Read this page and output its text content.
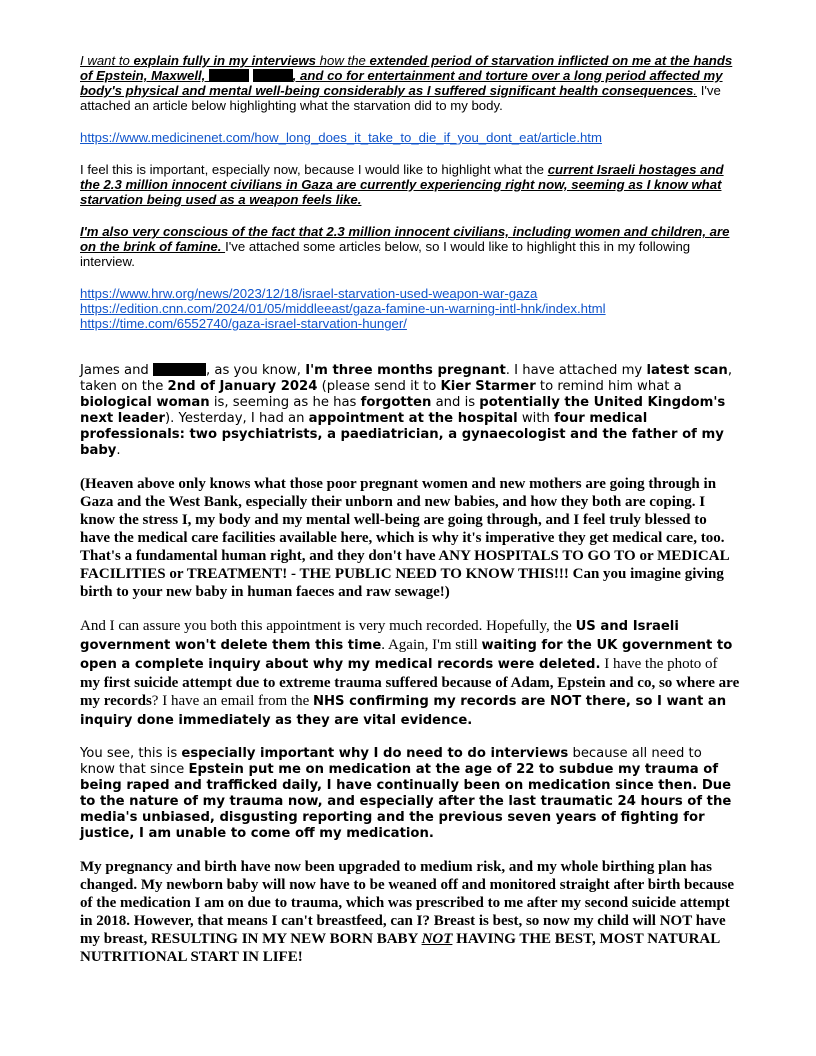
I want to explain fully in my interviews how the extended period of starvation inflicted on me at the hands of Epstein, Maxwell,	, and co for entertainment and torture over a long period affected my body's physical and mental well-being considerably as I suffered significant health consequences. I've attached an article below highlighting what the starvation did to my body.

https://www.medicinenet.com/how_long_does_it_take_to_die_if_you_dont_eat/article.htm

I feel this is important, especially now, because I would like to highlight what the current Israeli hostages and the 2.3 million innocent civilians in Gaza are currently experiencing right now, seeming as I know what starvation being used as a weapon feels like.

I'm also very conscious of the fact that 2.3 million innocent civilians, including women and children, are on the brink of famine. I've attached some articles below, so I would like to highlight this in my following interview.

https://www.hrw.org/news/2023/12/18/israel-starvation-used-weapon-war-gaza
https://edition.cnn.com/2024/01/05/middleeast/gaza-famine-un-warning-intl-hnk/index.html
https://time.com/6552740/gaza-israel-starvation-hunger/

James and	, as you know, I'm three months pregnant. I have attached my latest scan, taken on the 2nd of January 2024 (please send it to Kier Starmer to remind him what a biological woman is, seeming as he has forgotten and is potentially the United Kingdom's next leader). Yesterday, I had an appointment at the hospital with four medical professionals: two psychiatrists, a paediatrician, a gynaecologist and the father of my baby.

(Heaven above only knows what those poor pregnant women and new mothers are going through in Gaza and the West Bank, especially their unborn and new babies, and how they both are coping. I know the stress I, my body and my mental well-being are going through, and I feel truly blessed to have the medical care facilities available here, which is why it's imperative they get medical care, too. That's a fundamental human right, and they don't have ANY HOSPITALS TO GO TO or MEDICAL FACILITIES or TREATMENT! - THE PUBLIC NEED TO KNOW THIS!!! Can you imagine giving birth to your new baby in human faeces and raw sewage!)

And I can assure you both this appointment is very much recorded. Hopefully, the US and Israeli government won't delete them this time. Again, I'm still waiting for the UK government to open a complete inquiry about why my medical records were deleted. I have the photo of my first suicide attempt due to extreme trauma suffered because of Adam, Epstein and co, so where are my records? I have an email from the NHS confirming my records are NOT there, so I want an inquiry done immediately as they are vital evidence.

You see, this is especially important why I do need to do interviews because all need to know that since Epstein put me on medication at the age of 22 to subdue my trauma of being raped and trafficked daily, I have continually been on medication since then. Due to the nature of my trauma now, and especially after the last traumatic 24 hours of the media's unbiased, disgusting reporting and the previous seven years of fighting for justice, I am unable to come off my medication.

My pregnancy and birth have now been upgraded to medium risk, and my whole birthing plan has changed. My newborn baby will now have to be weaned off and monitored straight after birth because of the medication I am on due to trauma, which was prescribed to me after my second suicide attempt in 2018. However, that means I can't breastfeed, can I? Breast is best, so now my child will NOT have my breast, RESULTING IN MY NEW BORN BABY NOT HAVING THE BEST, MOST NATURAL NUTRITIONAL START IN LIFE!
